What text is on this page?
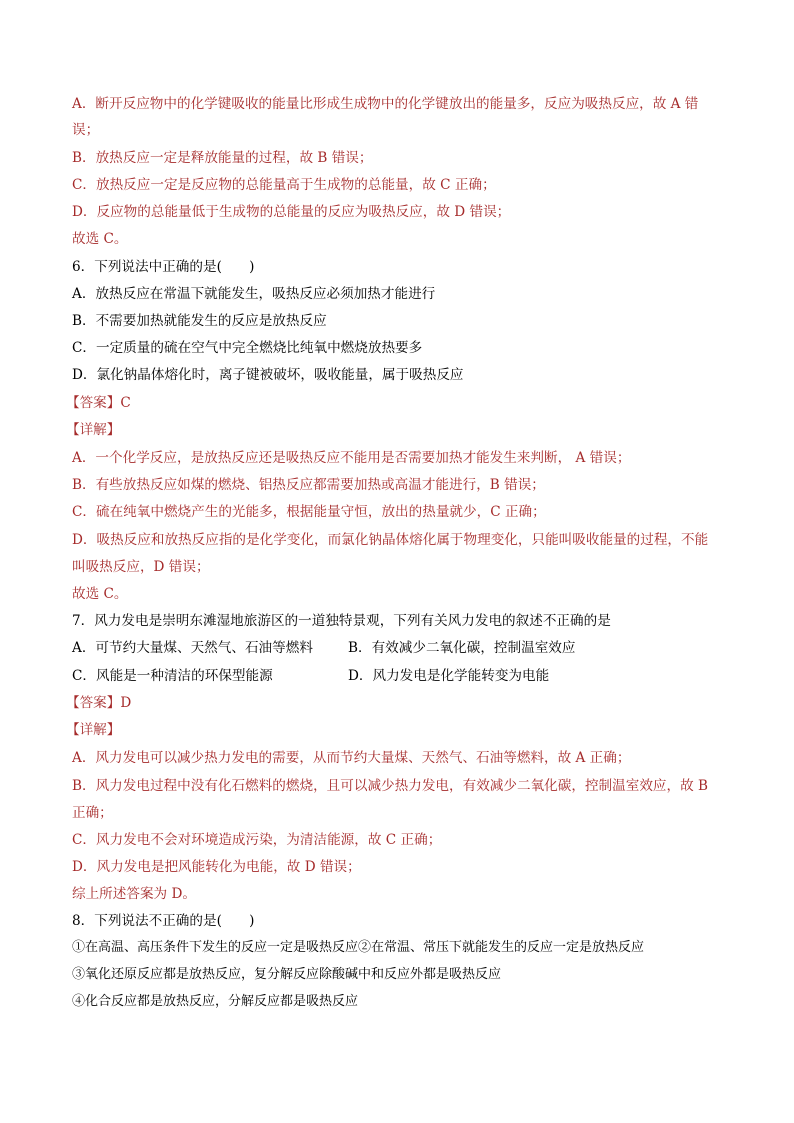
A．断开反应物中的化学键吸收的能量比形成生成物中的化学键放出的能量多，反应为吸热反应，故 A 错
误；
B．放热反应一定是释放能量的过程，故 B 错误；
C．放热反应一定是反应物的总能量高于生成物的总能量，故 C 正确；
D．反应物的总能量低于生成物的总能量的反应为吸热反应，故 D 错误；
故选 C。
6．下列说法中正确的是(　　)
A．放热反应在常温下就能发生，吸热反应必须加热才能进行
B．不需要加热就能发生的反应是放热反应
C．一定质量的硫在空气中完全燃烧比纯氧中燃烧放热要多
D．氯化钠晶体熔化时，离子键被破坏，吸收能量，属于吸热反应
【答案】C
【详解】
A．一个化学反应，是放热反应还是吸热反应不能用是否需要加热才能发生来判断， A 错误；
B．有些放热反应如煤的燃烧、铝热反应都需要加热或高温才能进行，B 错误；
C．硫在纯氧中燃烧产生的光能多，根据能量守恒，放出的热量就少，C 正确；
D．吸热反应和放热反应指的是化学变化，而氯化钠晶体熔化属于物理变化，只能叫吸收能量的过程，不能
叫吸热反应，D 错误；
故选 C。
7．风力发电是崇明东滩湿地旅游区的一道独特景观，下列有关风力发电的叙述不正确的是
A．可节约大量煤、天然气、石油等燃料	B．有效减少二氧化碳，控制温室效应
C．风能是一种清洁的环保型能源	D．风力发电是化学能转变为电能
【答案】D
【详解】
A．风力发电可以减少热力发电的需要，从而节约大量煤、天然气、石油等燃料，故 A 正确；
B．风力发电过程中没有化石燃料的燃烧，且可以减少热力发电，有效减少二氧化碳，控制温室效应，故 B
正确；
C．风力发电不会对环境造成污染，为清洁能源，故 C 正确；
D．风力发电是把风能转化为电能，故 D 错误；
综上所述答案为 D。
8．下列说法不正确的是(　　)
①在高温、高压条件下发生的反应一定是吸热反应②在常温、常压下就能发生的反应一定是放热反应
③氧化还原反应都是放热反应，复分解反应除酸碱中和反应外都是吸热反应
④化合反应都是放热反应，分解反应都是吸热反应
